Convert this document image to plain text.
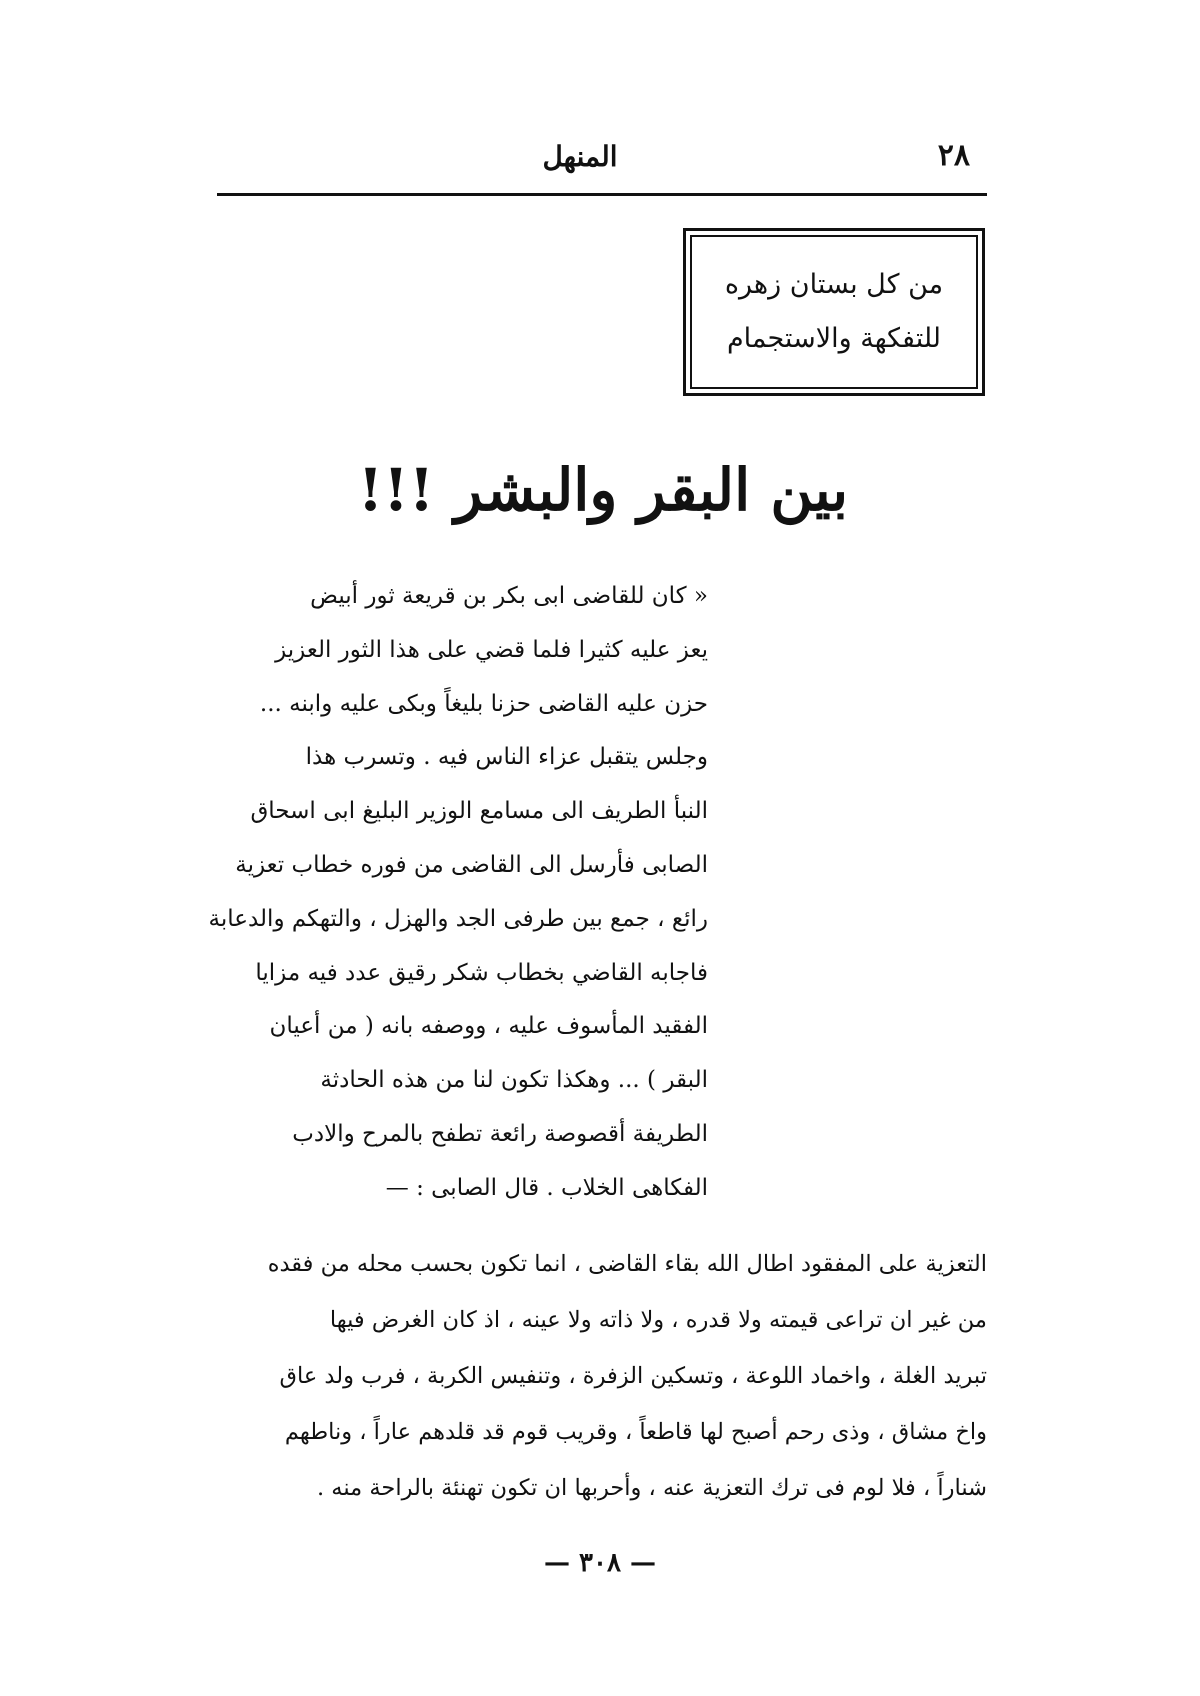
٢٨
المنهل
من كل بستان زهره
للتفكهة والاستجمام
بين البقر والبشر !!!

« كان للقاضى ابى بكر بن قريعة ثور أبيض

يعز عليه كثيرا فلما قضي على هذا الثور العزيز

حزن عليه القاضى حزنا بليغاً وبكى عليه وابنه ...

وجلس يتقبل عزاء الناس فيه . وتسرب هذا

النبأ الطريف الى مسامع الوزير البليغ ابى اسحاق

الصابى فأرسل الى القاضى من فوره خطاب تعزية

رائع ، جمع بين طرفى الجد والهزل ، والتهكم والدعابة

فاجابه القاضي بخطاب شكر رقيق عدد فيه مزايا

الفقيد المأسوف عليه ، ووصفه بانه ( من أعيان

البقر ) ... وهكذا تكون لنا من هذه الحادثة

الطريفة أقصوصة رائعة تطفح بالمرح والادب

الفكاهى الخلاب . قال الصابى : —

التعزية على المفقود اطال الله بقاء القاضى ، انما تكون بحسب محله من فقده

من غير ان تراعى قيمته ولا قدره ، ولا ذاته ولا عينه ، اذ كان الغرض فيها

تبريد الغلة ، واخماد اللوعة ، وتسكين الزفرة ، وتنفيس الكربة ، فرب ولد عاق

واخ مشاق ، وذى رحم أصبح لها قاطعاً ، وقريب قوم قد قلدهم عاراً ، وناطهم

شناراً ، فلا لوم فى ترك التعزية عنه ، وأحربها ان تكون تهنئة بالراحة منه .

— ٣٠٨ —
